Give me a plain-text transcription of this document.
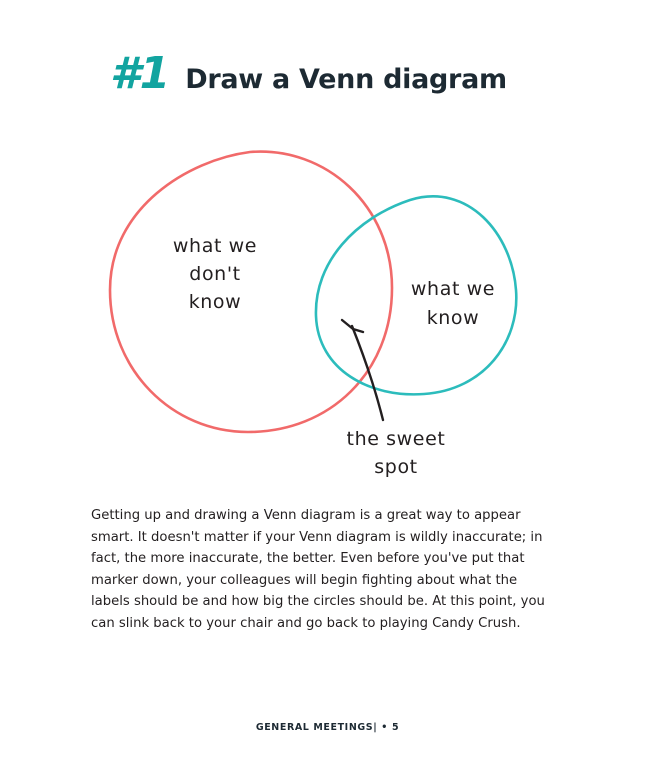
#1 Draw a Venn diagram
what we
don't
know
what we
know
the sweet
spot
Getting up and drawing a Venn diagram is a great way to appear smart. It doesn't matter if your Venn diagram is wildly inaccurate; in fact, the more inaccurate, the better. Even before you've put that marker down, your colleagues will begin fighting about what the labels should be and how big the circles should be. At this point, you can slink back to your chair and go back to playing Candy Crush.
GENERAL MEETINGS| • 5
